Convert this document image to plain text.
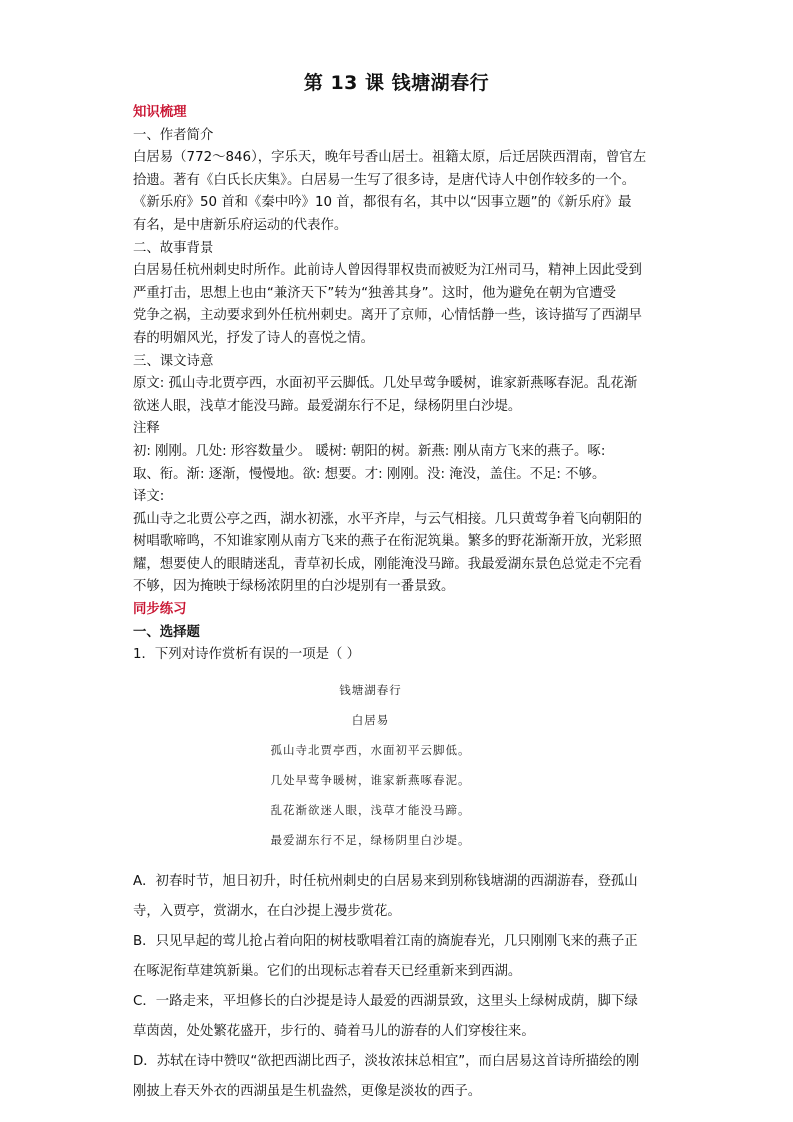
第 13 课 钱塘湖春行
知识梳理
一、作者简介
白居易（772～846），字乐天，晚年号香山居士。祖籍太原，后迁居陕西渭南，曾官左
拾遗。著有《白氏长庆集》。白居易一生写了很多诗，是唐代诗人中创作较多的一个。
《新乐府》50 首和《秦中吟》10 首，都很有名，其中以“因事立题”的《新乐府》最
有名，是中唐新乐府运动的代表作。
二、故事背景
白居易任杭州刺史时所作。此前诗人曾因得罪权贵而被贬为江州司马，精神上因此受到
严重打击，思想上也由“兼济天下”转为“独善其身”。这时，他为避免在朝为官遭受
党争之祸，主动要求到外任杭州刺史。离开了京师，心情恬静一些，该诗描写了西湖早
春的明媚风光，抒发了诗人的喜悦之情。
三、课文诗意
原文: 孤山寺北贾亭西，水面初平云脚低。几处早莺争暖树，谁家新燕啄春泥。乱花渐
欲迷人眼，浅草才能没马蹄。最爱湖东行不足，绿杨阴里白沙堤。
注释
初: 刚刚。几处: 形容数量少。 暖树: 朝阳的树。新燕: 刚从南方飞来的燕子。啄:
取、衔。渐: 逐渐，慢慢地。欲: 想要。才: 刚刚。没: 淹没，盖住。不足: 不够。
译文:
孤山寺之北贾公亭之西，湖水初涨，水平齐岸，与云气相接。几只黄莺争着飞向朝阳的
树唱歌啼鸣，不知谁家刚从南方飞来的燕子在衔泥筑巢。繁多的野花渐渐开放，光彩照
耀，想要使人的眼睛迷乱，青草初长成，刚能淹没马蹄。我最爱湖东景色总觉走不完看
不够，因为掩映于绿杨浓阴里的白沙堤别有一番景致。
同步练习
一、选择题
1．下列对诗作赏析有误的一项是（ ）
钱塘湖春行
白居易
孤山寺北贾亭西，水面初平云脚低。
几处早莺争暖树，谁家新燕啄春泥。
乱花渐欲迷人眼，浅草才能没马蹄。
最爱湖东行不足，绿杨阴里白沙堤。
A．初春时节，旭日初升，时任杭州刺史的白居易来到别称钱塘湖的西湖游春，登孤山
寺，入贾亭，赏湖水，在白沙提上漫步赏花。
B．只见早起的莺儿抢占着向阳的树枝歌唱着江南的旖旎春光，几只刚刚飞来的燕子正
在啄泥衔草建筑新巢。它们的出现标志着春天已经重新来到西湖。
C．一路走来，平坦修长的白沙提是诗人最爱的西湖景致，这里头上绿树成荫，脚下绿
草茵茵，处处繁花盛开，步行的、骑着马儿的游春的人们穿梭往来。
D．苏轼在诗中赞叹“欲把西湖比西子，淡妆浓抹总相宜”，而白居易这首诗所描绘的刚
刚披上春天外衣的西湖虽是生机盎然，更像是淡妆的西子。
